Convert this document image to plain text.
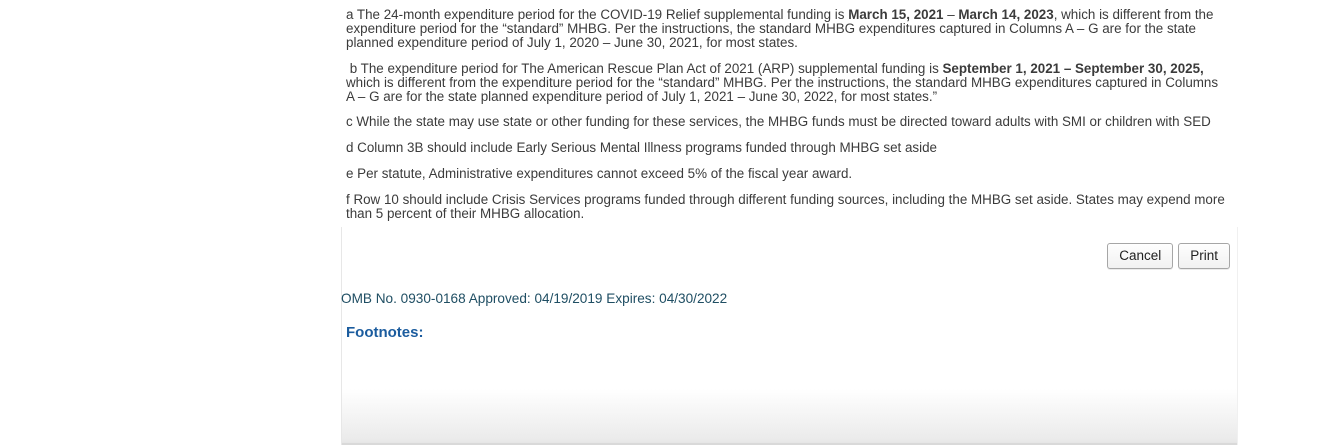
a The 24-month expenditure period for the COVID-19 Relief supplemental funding is March 15, 2021 – March 14, 2023, which is different from the expenditure period for the “standard” MHBG. Per the instructions, the standard MHBG expenditures captured in Columns A – G are for the state planned expenditure period of July 1, 2020 – June 30, 2021, for most states.

b The expenditure period for The American Rescue Plan Act of 2021 (ARP) supplemental funding is September 1, 2021 – September 30, 2025, which is different from the expenditure period for the “standard” MHBG. Per the instructions, the standard MHBG expenditures captured in Columns A – G are for the state planned expenditure period of July 1, 2021 – June 30, 2022, for most states.”

c While the state may use state or other funding for these services, the MHBG funds must be directed toward adults with SMI or children with SED

d Column 3B should include Early Serious Mental Illness programs funded through MHBG set aside

e Per statute, Administrative expenditures cannot exceed 5% of the fiscal year award.

f Row 10 should include Crisis Services programs funded through different funding sources, including the MHBG set aside. States may expend more than 5 percent of their MHBG allocation.

Cancel	Print
OMB No. 0930-0168 Approved: 04/19/2019 Expires: 04/30/2022
Footnotes:
